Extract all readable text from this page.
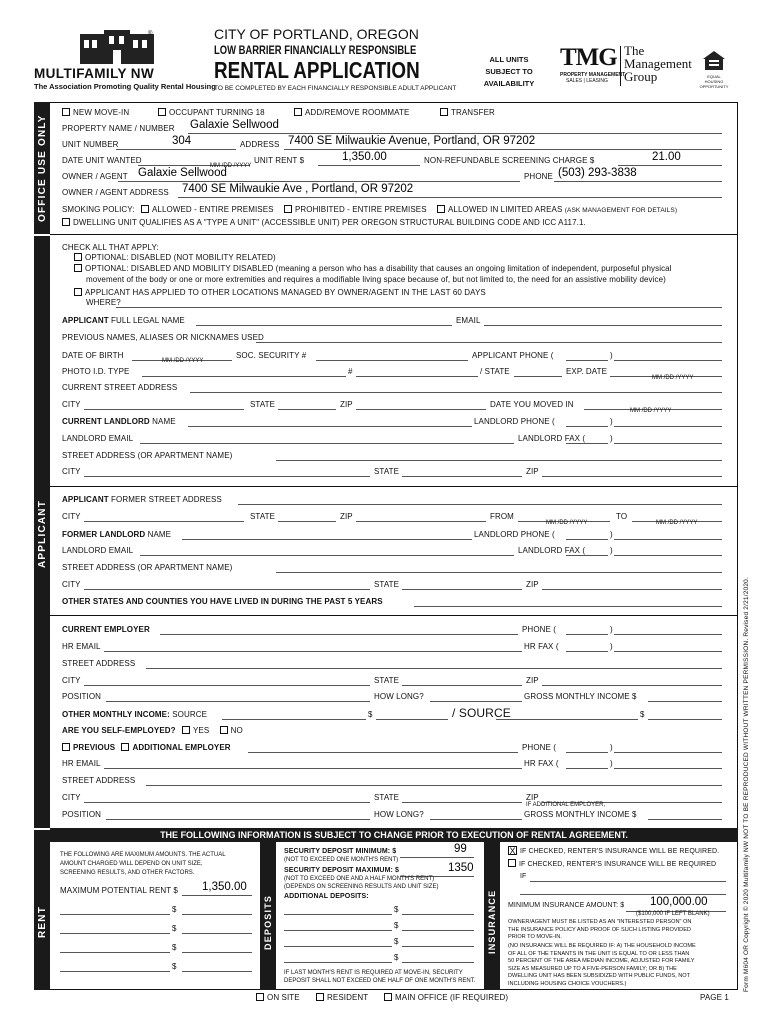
®
MULTIFAMILY NW
The Association Promoting Quality Rental Housing
CITY OF PORTLAND, OREGON
LOW BARRIER FINANCIALLY RESPONSIBLE
RENTAL APPLICATION
TO BE COMPLETED BY EACH FINANCIALLY RESPONSIBLE ADULT APPLICANT
ALL UNITS
SUBJECT TO
AVAILABILITY
TMG
PROPERTY MANAGEMENT
SALES | LEASING
The
Management
Group	EQUAL HOUSING
OPPORTUNITY
OFFICE USE ONLY
APPLICANT
RENT	Form M604 OR Copyright © 2020 Multifamily NW NOT TO BE REPRODUCED WITHOUT WRITTEN PERMISSION. Revised 2/21/2020.
NEW MOVE-IN	OCCUPANT TURNING 18	ADD/REMOVE ROOMMATE	TRANSFER
PROPERTY NAME / NUMBER Galaxie Sellwood
UNIT NUMBER	304	ADDRESS 7400 SE Milwaukie Avenue, Portland, OR 97202
DATE UNIT WANTED
MM /DD /YYYY
UNIT RENT $	1,350.00	NON-REFUNDABLE SCREENING CHARGE $	21.00
OWNER / AGENT Galaxie Sellwood	PHONE (503) 293-3838
OWNER / AGENT ADDRESS 7400 SE Milwaukie Ave , Portland, OR 97202
SMOKING POLICY: ALLOWED - ENTIRE PREMISES	PROHIBITED - ENTIRE PREMISES	ALLOWED IN LIMITED AREAS (ASK MANAGEMENT FOR DETAILS)
DWELLING UNIT QUALIFIES AS A "TYPE A UNIT" (ACCESSIBLE UNIT) PER OREGON STRUCTURAL BUILDING CODE AND ICC A117.1.
CHECK ALL THAT APPLY:
OPTIONAL: DISABLED (NOT MOBILITY RELATED)
OPTIONAL: DISABLED AND MOBILITY DISABLED (meaning a person who has a disability that causes an ongoing limitation of independent, purposeful physical
movement of the body or one or more extremities and requires a modifiable living space because of, but not limited to, the need for an assistive mobility device)
APPLICANT HAS APPLIED TO OTHER LOCATIONS MANAGED BY OWNER/AGENT IN THE LAST 60 DAYS
WHERE?
APPLICANT FULL LEGAL NAME	EMAIL
PREVIOUS NAMES, ALIASES OR NICKNAMES USED
DATE OF BIRTH
MM /DD /YYYY
SOC. SECURITY #	APPLICANT PHONE (	)
PHOTO I.D. TYPE	#	/ STATE	EXP. DATE
MM /DD /YYYY
CURRENT STREET ADDRESS
CITY	STATE	ZIP	DATE YOU MOVED IN
MM /DD /YYYY
CURRENT LANDLORD NAME	LANDLORD PHONE (	)
LANDLORD EMAIL	LANDLORD FAX (	)
STREET ADDRESS (OR APARTMENT NAME)
CITY	STATE	ZIP
APPLICANT FORMER STREET ADDRESS
CITY	STATE	ZIP	FROM
MM /DD /YYYY
TO
MM /DD /YYYY
FORMER LANDLORD NAME	LANDLORD PHONE (	)
LANDLORD EMAIL	LANDLORD FAX (	)
STREET ADDRESS (OR APARTMENT NAME)
CITY	STATE	ZIP
OTHER STATES AND COUNTIES YOU HAVE LIVED IN DURING THE PAST 5 YEARS
CURRENT EMPLOYER	PHONE (	)
HR EMAIL	HR FAX (	)
STREET ADDRESS
CITY	STATE	ZIP
POSITION	HOW LONG?	GROSS MONTHLY INCOME $
OTHER MONTHLY INCOME: SOURCE	$	/ SOURCE	$
ARE YOU SELF-EMPLOYED? YES	NO
PREVIOUS ADDITIONAL EMPLOYER	PHONE (	)
HR EMAIL	HR FAX (	)
STREET ADDRESS
CITY	STATE	ZIP
IF ADDITIONAL EMPLOYER,
POSITION	HOW LONG?	GROSS MONTHLY INCOME $
THE FOLLOWING INFORMATION IS SUBJECT TO CHANGE PRIOR TO EXECUTION OF RENTAL AGREEMENT.
THE FOLLOWING ARE MAXIMUM AMOUNTS. THE ACTUAL
AMOUNT CHARGED WILL DEPEND ON UNIT SIZE,
SCREENING RESULTS, AND OTHER FACTORS.
MAXIMUM POTENTIAL RENT $ 1,350.00
$
$
$
$
DEPOSITS
SECURITY DEPOSIT MINIMUM: $	99
(NOT TO EXCEED ONE MONTH'S RENT)
SECURITY DEPOSIT MAXIMUM: $	1350
(NOT TO EXCEED ONE AND A HALF MONTH'S RENT)
(DEPENDS ON SCREENING RESULTS AND UNIT SIZE)
ADDITIONAL DEPOSITS:
$
$
$
$
IF LAST MONTH'S RENT IS REQUIRED AT MOVE-IN, SECURITY
DEPOSIT SHALL NOT EXCEED ONE HALF OF ONE MONTH'S RENT.
INSURANCE
X IF CHECKED, RENTER'S INSURANCE WILL BE REQUIRED.
IF CHECKED, RENTER'S INSURANCE WILL BE REQUIRED
IF
MINIMUM INSURANCE AMOUNT: $ 100,000.00
($100,000 IF LEFT BLANK)
OWNER/AGENT MUST BE LISTED AS AN "INTERESTED PERSON" ON
THE INSURANCE POLICY AND PROOF OF SUCH LISTING PROVIDED
PRIOR TO MOVE-IN.
(NO INSURANCE WILL BE REQUIRED IF: A) THE HOUSEHOLD INCOME
OF ALL OF THE TENANTS IN THE UNIT IS EQUAL TO OR LESS THAN
50 PERCENT OF THE AREA MEDIAN INCOME, ADJUSTED FOR FAMILY
SIZE AS MEASURED UP TO A FIVE-PERSON FAMILY; OR B) THE
DWELLING UNIT HAS BEEN SUBSIDIZED WITH PUBLIC FUNDS, NOT
INCLUDING HOUSING CHOICE VOUCHERS.)
ON SITE	RESIDENT	MAIN OFFICE (IF REQUIRED)	PAGE 1
